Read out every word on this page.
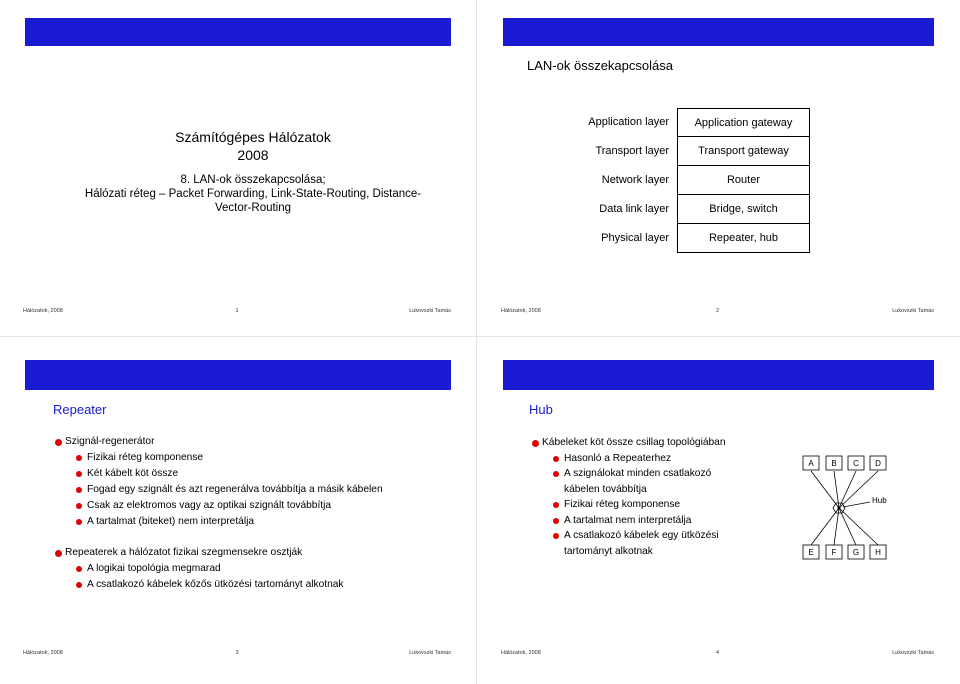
Számítógépes Hálózatok
2008
8. LAN-ok összekapcsolása;
Hálózati réteg – Packet Forwarding, Link-State-Routing, Distance-
Vector-Routing
Hálózatok, 2008	1	Lukovszki Tamás
LAN-ok összekapcsolása
Application layer	Application gateway
Transport layer	Transport gateway
Network layer	Router
Data link layer	Bridge, switch
Physical layer	Repeater, hub
Hálózatok, 2008	2	Lukovszki Tamás
Repeater
Szignál-regenerátor
Fizikai réteg komponense
Két kábelt köt össze
Fogad egy szignált és azt regenerálva továbbítja a másik kábelen
Csak az elektromos vagy az optikai szignált továbbítja
A tartalmat (biteket) nem interpretálja
Repeaterek a hálózatot fizikai szegmensekre osztják
A logikai topológia megmarad
A csatlakozó kábelek kőzős ütközési tartományt alkotnak
Hálózatok, 2008	3	Lukovszki Tamás
Hub
Kábeleket köt össze csillag topológiában
Hasonló a Repeaterhez
A szignálokat minden csatlakozó
kábelen továbbítja
Fizikai réteg komponense
A tartalmat nem interpretálja
A csatlakozó kábelek egy ütközési
tartományt alkotnak
A B C D
E F G H
Hub
Hálózatok, 2008	4	Lukovszki Tamás
